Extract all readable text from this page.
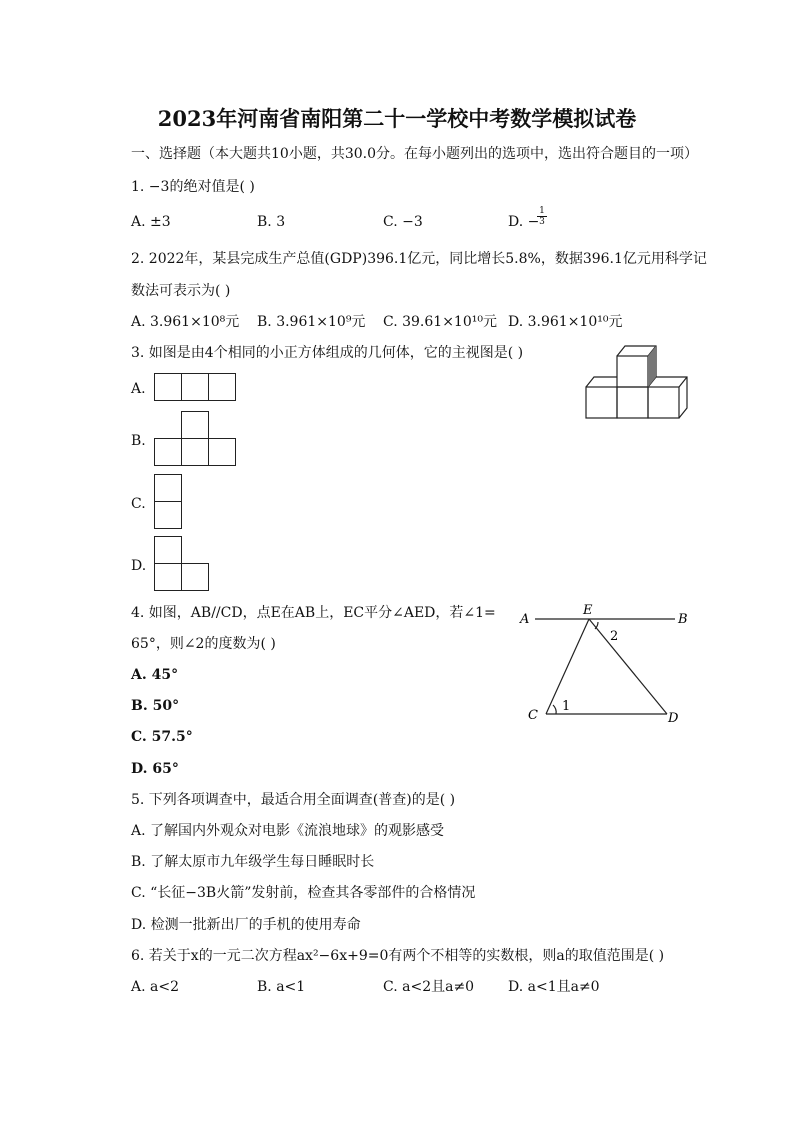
2023年河南省南阳第二十一学校中考数学模拟试卷
一、选择题（本大题共10小题，共30.0分。在每小题列出的选项中，选出符合题目的一项）
1. −3的绝对值是( )
A. ±3	B. 3	C. −3	D. −
$\frac{1}{3}$
2. 2022年，某县完成生产总值(GDP)396.1亿元，同比增长5.8%，数据396.1亿元用科学记
数法可表示为( )
A. 3.961×10⁸元 B. 3.961×10⁹元 C. 39.61×10¹⁰元 D. 3.961×10¹⁰元
3. 如图是由4个相同的小正方体组成的几何体，它的主视图是( )
A.
B.
C.
D.
4. 如图，AB//CD，点E在AB上，EC平分∠AED，若∠1=
65°，则∠2的度数为( )
A. 45°
B. 50°
C. 57.5°
D. 65°
A
E
B
C	D
1
2
5. 下列各项调查中，最适合用全面调查(普查)的是( )
A. 了解国内外观众对电影《流浪地球》的观影感受
B. 了解太原市九年级学生每日睡眠时长
C. “长征−3B火箭”发射前，检查其各零部件的合格情况
D. 检测一批新出厂的手机的使用寿命
6. 若关于x的一元二次方程ax²−6x+9=0有两个不相等的实数根，则a的取值范围是( )
A. a<2	B. a<1	C. a<2且a≠0 D. a<1且a≠0
